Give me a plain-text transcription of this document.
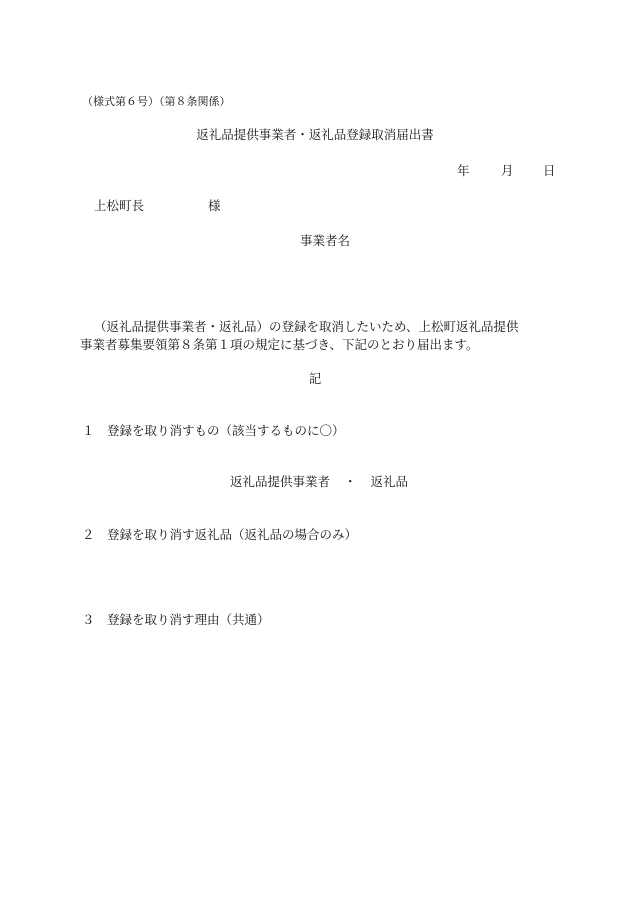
（様式第６号）（第８条関係）
返礼品提供事業者・返礼品登録取消届出書
年	月 日
上松町長	様
事業者名
（返礼品提供事業者・返礼品）の登録を取消したいため、上松町返礼品提供
事業者募集要領第８条第１項の規定に基づき、下記のとおり届出ます。
記
１　登録を取り消すもの（該当するものに〇）
返礼品提供事業者 ・ 返礼品
２　登録を取り消す返礼品（返礼品の場合のみ）
３　登録を取り消す理由（共通）
